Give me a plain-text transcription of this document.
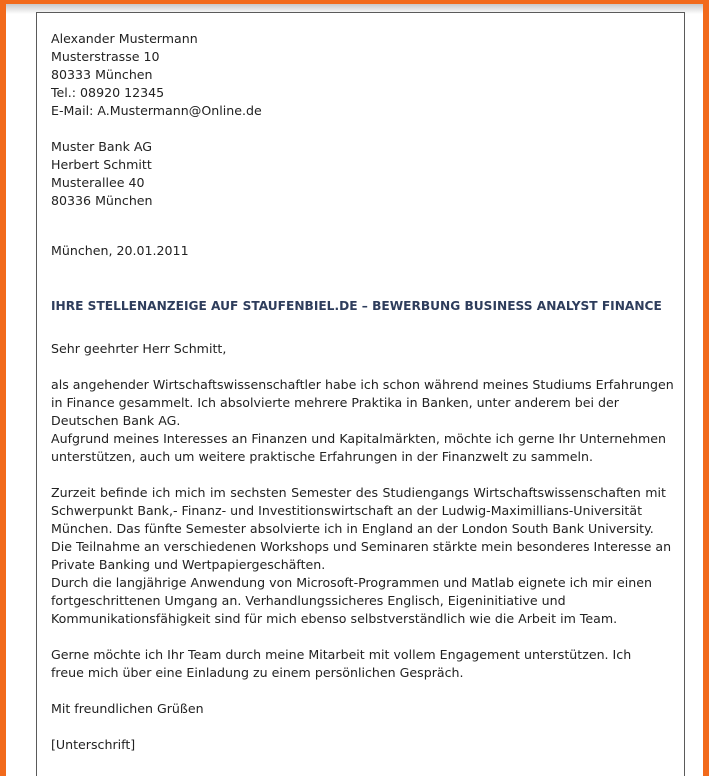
Alexander Mustermann
Musterstrasse 10
80333 München
Tel.: 08920 12345
E-Mail: A.Mustermann@Online.de
Muster Bank AG
Herbert Schmitt
Musterallee 40
80336 München
München, 20.01.2011
IHRE STELLENANZEIGE AUF STAUFENBIEL.DE – BEWERBUNG BUSINESS ANALYST FINANCE
Sehr geehrter Herr Schmitt,
als angehender Wirtschaftswissenschaftler habe ich schon während meines Studiums Erfahrungen
in Finance gesammelt. Ich absolvierte mehrere Praktika in Banken, unter anderem bei der
Deutschen Bank AG.
Aufgrund meines Interesses an Finanzen und Kapitalmärkten, möchte ich gerne Ihr Unternehmen
unterstützen, auch um weitere praktische Erfahrungen in der Finanzwelt zu sammeln.
Zurzeit befinde ich mich im sechsten Semester des Studiengangs Wirtschaftswissenschaften mit
Schwerpunkt Bank,- Finanz- und Investitionswirtschaft an der Ludwig-Maximillians-Universität
München. Das fünfte Semester absolvierte ich in England an der London South Bank University.
Die Teilnahme an verschiedenen Workshops und Seminaren stärkte mein besonderes Interesse an
Private Banking und Wertpapiergeschäften.
Durch die langjährige Anwendung von Microsoft-Programmen und Matlab eignete ich mir einen
fortgeschrittenen Umgang an. Verhandlungssicheres Englisch, Eigeninitiative und
Kommunikationsfähigkeit sind für mich ebenso selbstverständlich wie die Arbeit im Team.
Gerne möchte ich Ihr Team durch meine Mitarbeit mit vollem Engagement unterstützen. Ich
freue mich über eine Einladung zu einem persönlichen Gespräch.
Mit freundlichen Grüßen
[Unterschrift]
